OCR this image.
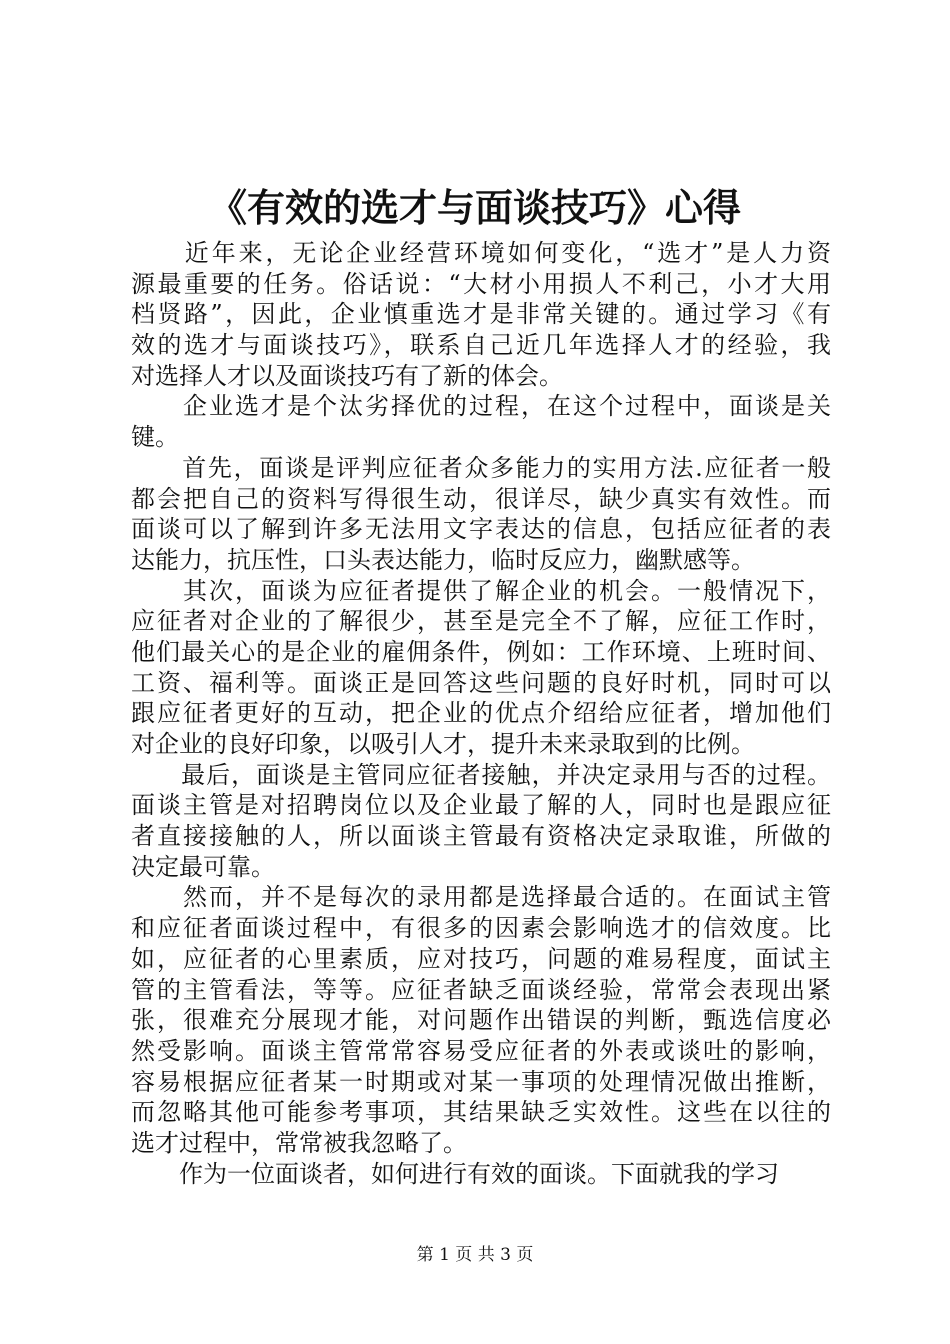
《有效的选才与面谈技巧》心得
　　近年来，无论企业经营环境如何变化，“选才”是人力资
源最重要的任务。俗话说：“大材小用损人不利己，小才大用
档贤路”，因此，企业慎重选才是非常关键的。通过学习《有
效的选才与面谈技巧》，联系自己近几年选择人才的经验，我
对选择人才以及面谈技巧有了新的体会。
　　企业选才是个汰劣择优的过程，在这个过程中，面谈是关
键。
　　首先，面谈是评判应征者众多能力的实用方法.应征者一般
都会把自己的资料写得很生动，很详尽，缺少真实有效性。而
面谈可以了解到许多无法用文字表达的信息，包括应征者的表
达能力，抗压性，口头表达能力，临时反应力，幽默感等。
　　其次，面谈为应征者提供了解企业的机会。一般情况下，
应征者对企业的了解很少，甚至是完全不了解，应征工作时，
他们最关心的是企业的雇佣条件，例如：工作环境、上班时间、
工资、福利等。面谈正是回答这些问题的良好时机，同时可以
跟应征者更好的互动，把企业的优点介绍给应征者，增加他们
对企业的良好印象，以吸引人才，提升未来录取到的比例。
　　最后，面谈是主管同应征者接触，并决定录用与否的过程。
面谈主管是对招聘岗位以及企业最了解的人，同时也是跟应征
者直接接触的人，所以面谈主管最有资格决定录取谁，所做的
决定最可靠。
　　然而，并不是每次的录用都是选择最合适的。在面试主管
和应征者面谈过程中，有很多的因素会影响选才的信效度。比
如，应征者的心里素质，应对技巧，问题的难易程度，面试主
管的主管看法，等等。应征者缺乏面谈经验，常常会表现出紧
张，很难充分展现才能，对问题作出错误的判断，甄选信度必
然受影响。面谈主管常常容易受应征者的外表或谈吐的影响，
容易根据应征者某一时期或对某一事项的处理情况做出推断，
而忽略其他可能参考事项，其结果缺乏实效性。这些在以往的
选才过程中，常常被我忽略了。
　　作为一位面谈者，如何进行有效的面谈。下面就我的学习
第 1 页 共 3 页
